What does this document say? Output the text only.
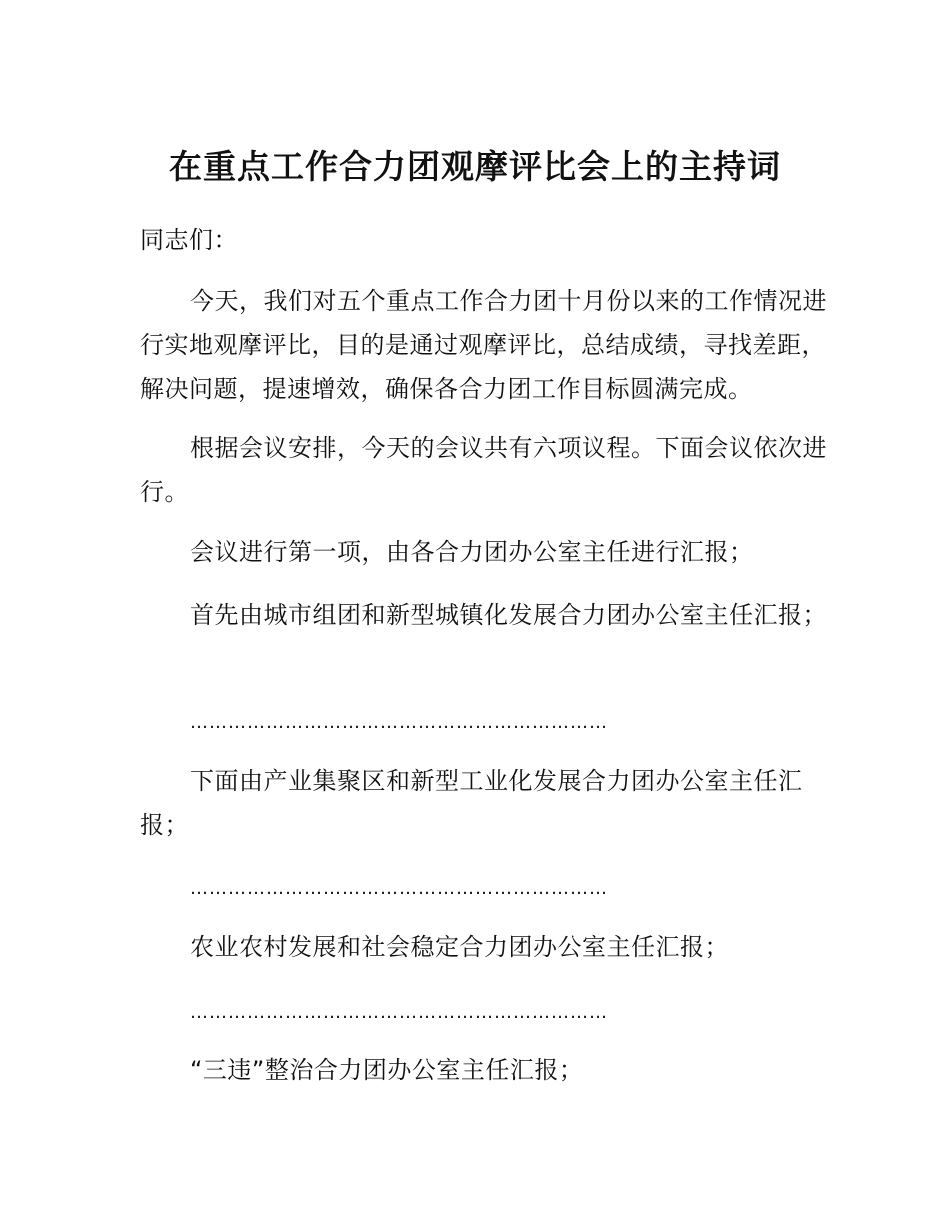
在重点工作合力团观摩评比会上的主持词

同志们：

今天，我们对五个重点工作合力团十月份以来的工作情况进行实地观摩评比，目的是通过观摩评比，总结成绩，寻找差距，解决问题，提速增效，确保各合力团工作目标圆满完成。

根据会议安排，今天的会议共有六项议程。下面会议依次进行。

会议进行第一项，由各合力团办公室主任进行汇报；

首先由城市组团和新型城镇化发展合力团办公室主任汇报；

…………………………………………………………

下面由产业集聚区和新型工业化发展合力团办公室主任汇报；

…………………………………………………………

农业农村发展和社会稳定合力团办公室主任汇报；

…………………………………………………………

“三违”整治合力团办公室主任汇报；
